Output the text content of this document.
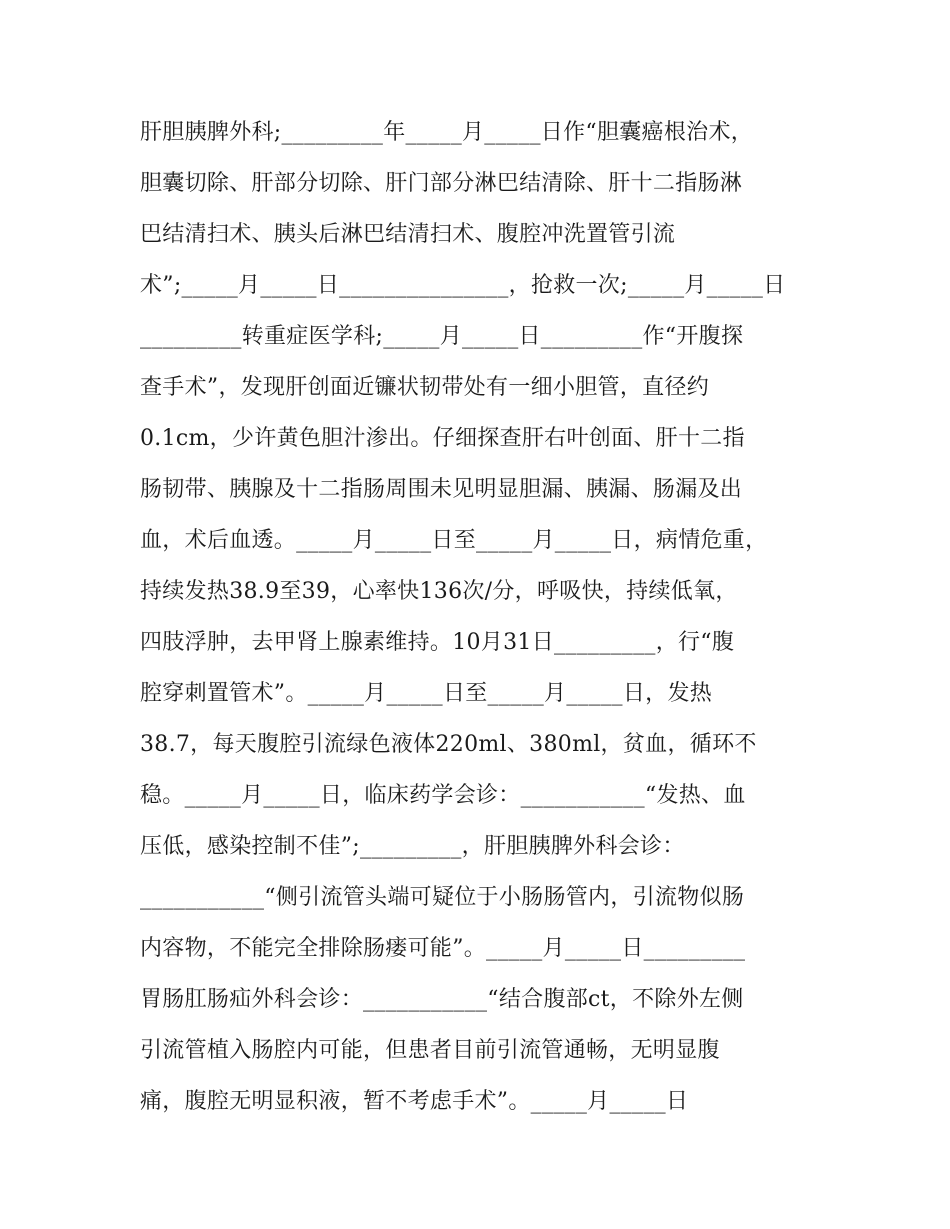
肝胆胰脾外科;_________年_____月_____日作“胆囊癌根治术，
胆囊切除、肝部分切除、肝门部分淋巴结清除、肝十二指肠淋
巴结清扫术、胰头后淋巴结清扫术、腹腔冲洗置管引流
术”;_____月_____日_______________，抢救一次;_____月_____日
_________转重症医学科;_____月_____日_________作“开腹探
查手术”，发现肝创面近镰状韧带处有一细小胆管，直径约
0.1cm，少许黄色胆汁渗出。仔细探查肝右叶创面、肝十二指
肠韧带、胰腺及十二指肠周围未见明显胆漏、胰漏、肠漏及出
血，术后血透。_____月_____日至_____月_____日，病情危重，
持续发热38.9至39，心率快136次/分，呼吸快，持续低氧，
四肢浮肿，去甲肾上腺素维持。10月31日_________，行“腹
腔穿刺置管术”。_____月_____日至_____月_____日，发热
38.7，每天腹腔引流绿色液体220ml、380ml，贫血，循环不
稳。_____月_____日，临床药学会诊：___________“发热、血
压低，感染控制不佳”;_________，肝胆胰脾外科会诊：
___________“侧引流管头端可疑位于小肠肠管内，引流物似肠
内容物，不能完全排除肠瘘可能”。_____月_____日_________
胃肠肛肠疝外科会诊：___________“结合腹部ct，不除外左侧
引流管植入肠腔内可能，但患者目前引流管通畅，无明显腹
痛，腹腔无明显积液，暂不考虑手术”。_____月_____日
